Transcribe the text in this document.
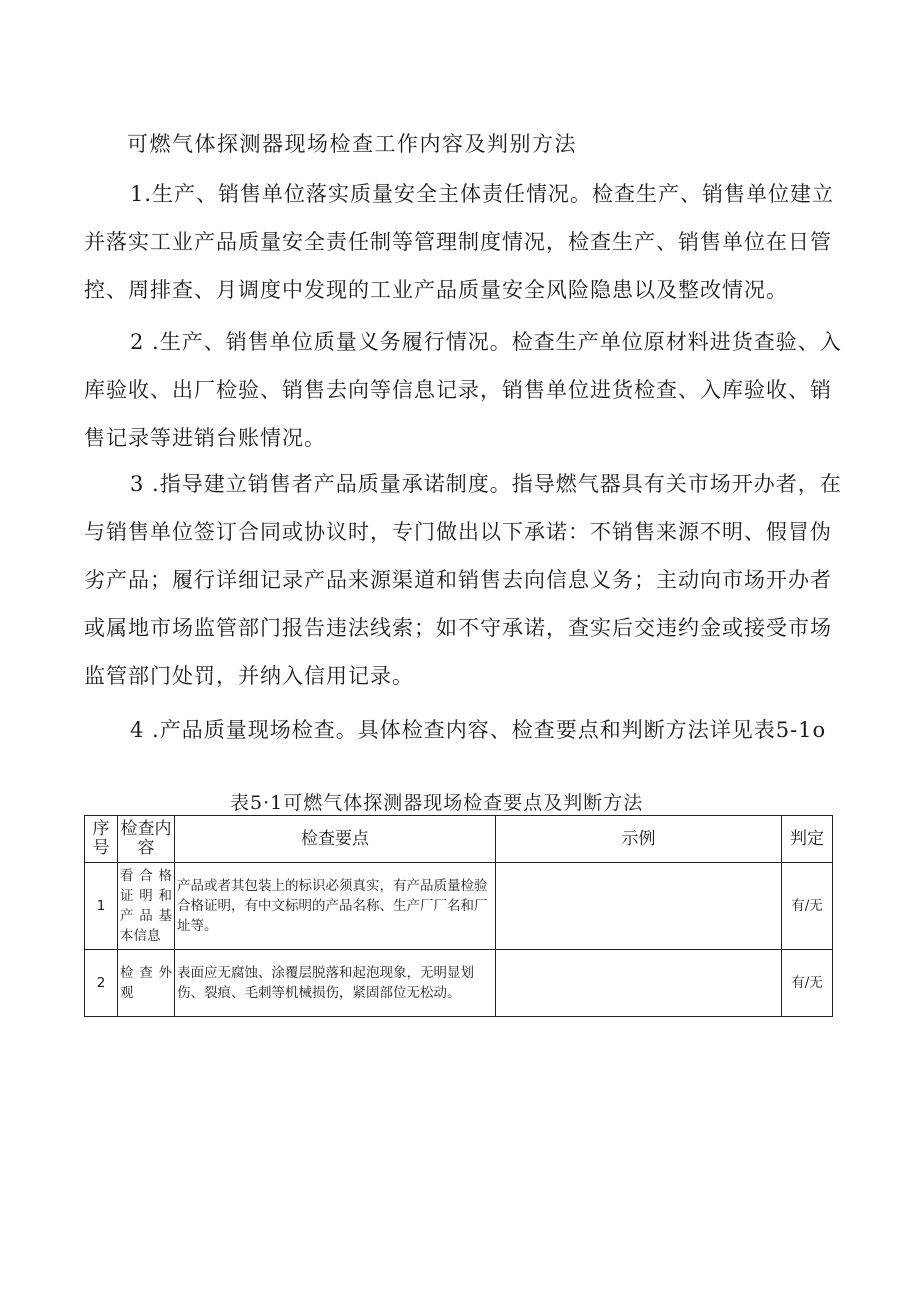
可燃气体探测器现场检查工作内容及判别方法

1.生产、销售单位落实质量安全主体责任情况。检查生产、销售单位建立并落实工业产品质量安全责任制等管理制度情况，检查生产、销售单位在日管控、周排查、月调度中发现的工业产品质量安全风险隐患以及整改情况。

2 .生产、销售单位质量义务履行情况。检查生产单位原材料进货查验、入库验收、出厂检验、销售去向等信息记录，销售单位进货检查、入库验收、销售记录等进销台账情况。

3 .指导建立销售者产品质量承诺制度。指导燃气器具有关市场开办者，在与销售单位签订合同或协议时，专门做出以下承诺：不销售来源不明、假冒伪劣产品；履行详细记录产品来源渠道和销售去向信息义务；主动向市场开办者或属地市场监管部门报告违法线索；如不守承诺，查实后交违约金或接受市场监管部门处罚，并纳入信用记录。

4 .产品质量现场检查。具体检查内容、检查要点和判断方法详见表5-1o

表5·1可燃气体探测器现场检查要点及判断方法
序号	检查内容	检查要点	示例	判定
1	看合格证明和产品基本信息	产品或者其包装上的标识必须真实，有产品质量检验合格证明，有中文标明的产品名称、生产厂厂名和厂址等。		有/无
2	检查外观	表面应无腐蚀、涂覆层脱落和起泡现象，无明显划伤、裂痕、毛刺等机械损伤，紧固部位无松动。		有/无
